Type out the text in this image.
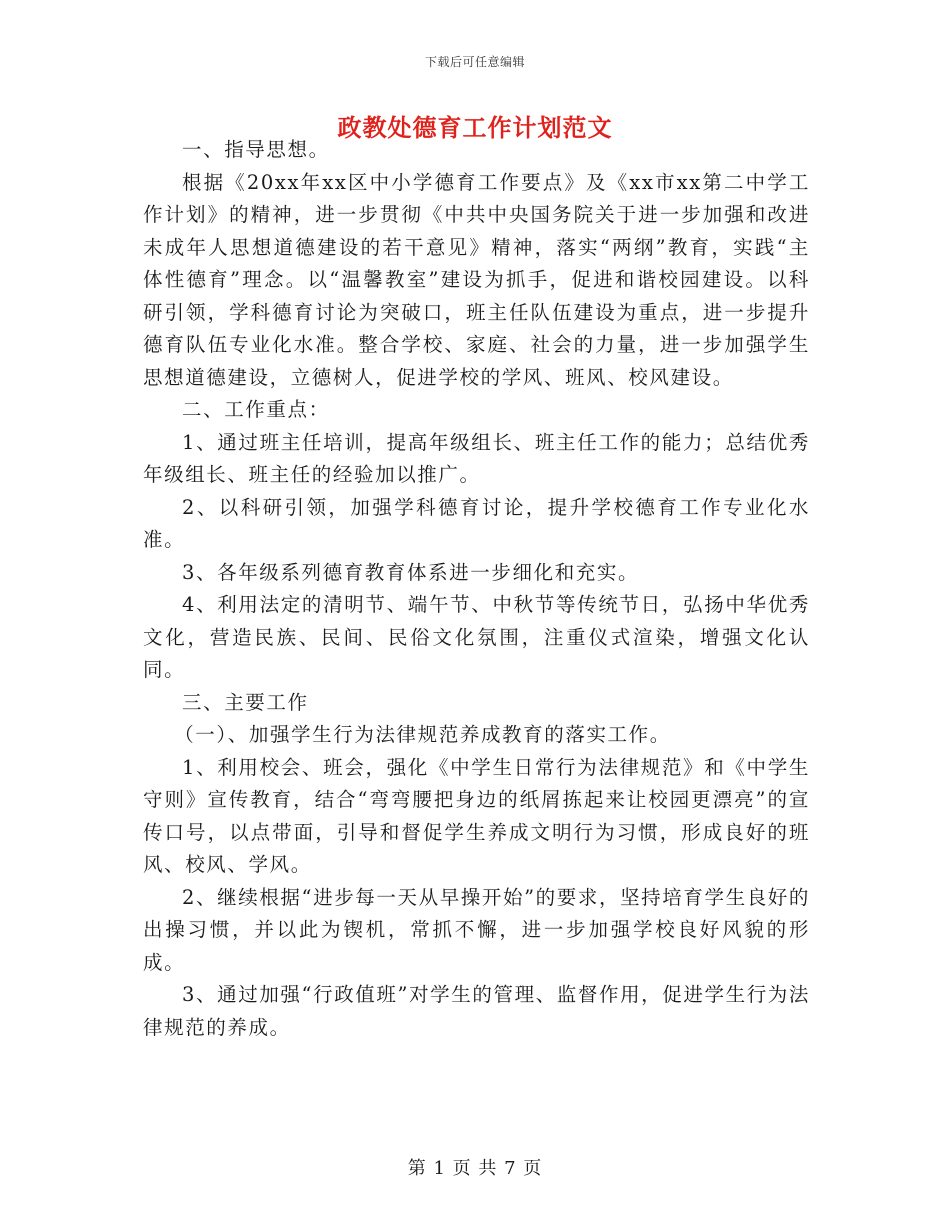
下载后可任意编辑
政教处德育工作计划范文

一、指导思想。

根据《20xx年xx区中小学德育工作要点》及《xx市xx第二中学工作计划》的精神，进一步贯彻《中共中央国务院关于进一步加强和改进未成年人思想道德建设的若干意见》精神，落实“两纲”教育，实践“主体性德育”理念。以“温馨教室”建设为抓手，促进和谐校园建设。以科研引领，学科德育讨论为突破口，班主任队伍建设为重点，进一步提升德育队伍专业化水准。整合学校、家庭、社会的力量，进一步加强学生思想道德建设，立德树人，促进学校的学风、班风、校风建设。

二、工作重点：

1、通过班主任培训，提高年级组长、班主任工作的能力；总结优秀年级组长、班主任的经验加以推广。

2、以科研引领，加强学科德育讨论，提升学校德育工作专业化水准。

3、各年级系列德育教育体系进一步细化和充实。

4、利用法定的清明节、端午节、中秋节等传统节日，弘扬中华优秀文化，营造民族、民间、民俗文化氛围，注重仪式渲染，增强文化认同。

三、主要工作

（一）、加强学生行为法律规范养成教育的落实工作。

1、利用校会、班会，强化《中学生日常行为法律规范》和《中学生守则》宣传教育，结合“弯弯腰把身边的纸屑拣起来让校园更漂亮”的宣传口号，以点带面，引导和督促学生养成文明行为习惯，形成良好的班风、校风、学风。

2、继续根据“进步每一天从早操开始”的要求，坚持培育学生良好的出操习惯，并以此为锲机，常抓不懈，进一步加强学校良好风貌的形成。

3、通过加强“行政值班”对学生的管理、监督作用，促进学生行为法律规范的养成。

第 1 页 共 7 页
